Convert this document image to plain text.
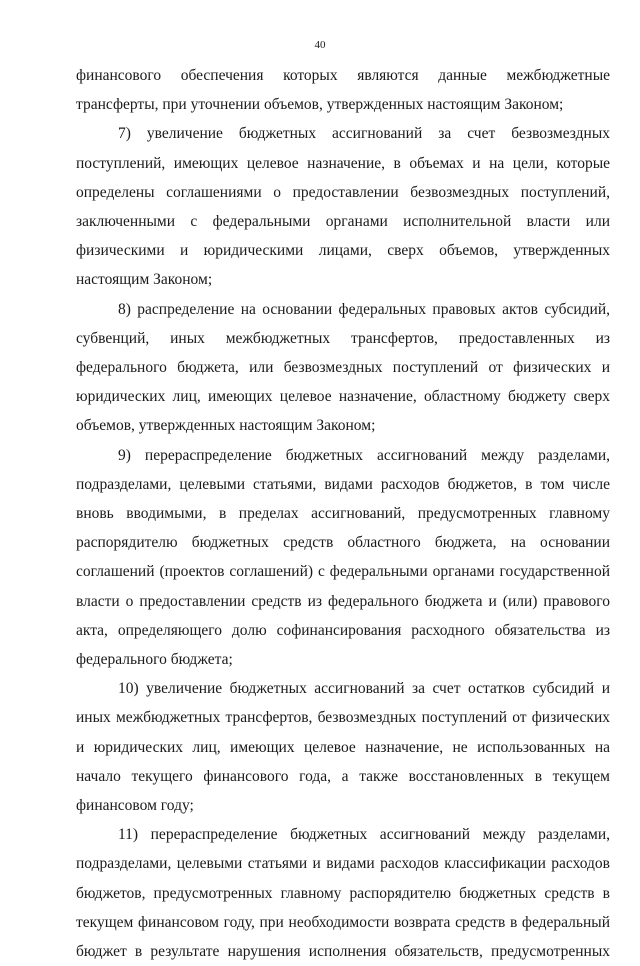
40

финансового обеспечения которых являются данные межбюджетные трансферты, при уточнении объемов, утвержденных настоящим Законом;

7) увеличение бюджетных ассигнований за счет безвозмездных поступлений, имеющих целевое назначение, в объемах и на цели, которые определены соглашениями о предоставлении безвозмездных поступлений, заключенными с федеральными органами исполнительной власти или физическими и юридическими лицами, сверх объемов, утвержденных настоящим Законом;

8) распределение на основании федеральных правовых актов субсидий, субвенций, иных межбюджетных трансфертов, предоставленных из федерального бюджета, или безвозмездных поступлений от физических и юридических лиц, имеющих целевое назначение, областному бюджету сверх объемов, утвержденных настоящим Законом;

9) перераспределение бюджетных ассигнований между разделами, подразделами, целевыми статьями, видами расходов бюджетов, в том числе вновь вводимыми, в пределах ассигнований, предусмотренных главному распорядителю бюджетных средств областного бюджета, на основании соглашений (проектов соглашений) с федеральными органами государственной власти о предоставлении средств из федерального бюджета и (или) правового акта, определяющего долю софинансирования расходного обязательства из федерального бюджета;

10) увеличение бюджетных ассигнований за счет остатков субсидий и иных межбюджетных трансфертов, безвозмездных поступлений от физических и юридических лиц, имеющих целевое назначение, не использованных на начало текущего финансового года, а также восстановленных в текущем финансовом году;

11) перераспределение бюджетных ассигнований между разделами, подразделами, целевыми статьями и видами расходов классификации расходов бюджетов, предусмотренных главному распорядителю бюджетных средств в текущем финансовом году, при необходимости возврата средств в федеральный бюджет в результате нарушения исполнения обязательств, предусмотренных
